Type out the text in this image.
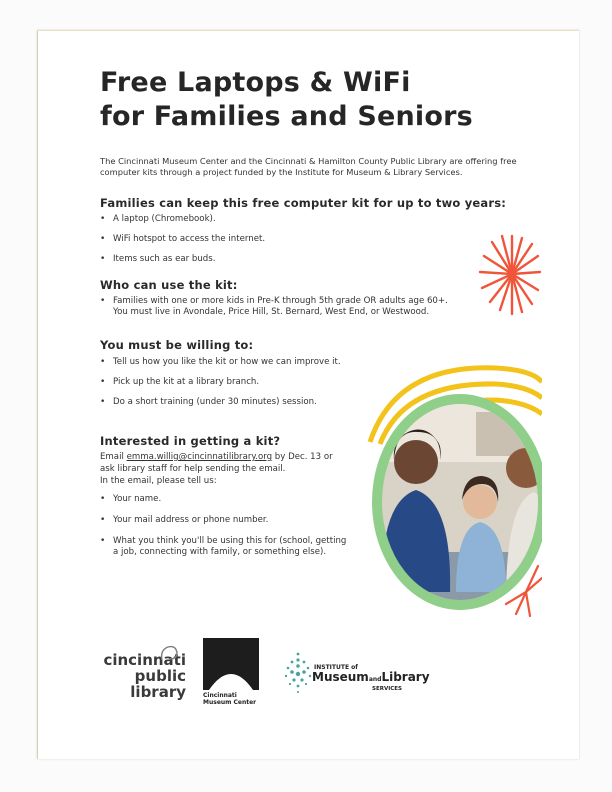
Free Laptops & WiFi
for Families and Seniors
The Cincinnati Museum Center and the Cincinnati & Hamilton County Public Library are offering free computer kits through a project funded by the Institute for Museum & Library Services.
Families can keep this free computer kit for up to two years:
• A laptop (Chromebook).
• WiFi hotspot to access the internet.
• Items such as ear buds.
Who can use the kit:
• Families with one or more kids in Pre-K through 5th grade OR adults age 60+.
You must live in Avondale, Price Hill, St. Bernard, West End, or Westwood.
You must be willing to:
• Tell us how you like the kit or how we can improve it.
• Pick up the kit at a library branch.
• Do a short training (under 30 minutes) session.
Interested in getting a kit?
Email emma.willig@cincinnatilibrary.org by Dec. 13 or
ask library staff for help sending the email.
In the email, please tell us:
• Your name.
• Your mail address or phone number.
• What you think you'll be using this for (school, getting a job, connecting with family, or something else).
cincinnati
public
library	Cincinnati
Museum Center
INSTITUTE of
MuseumandLibrary
SERVICES
